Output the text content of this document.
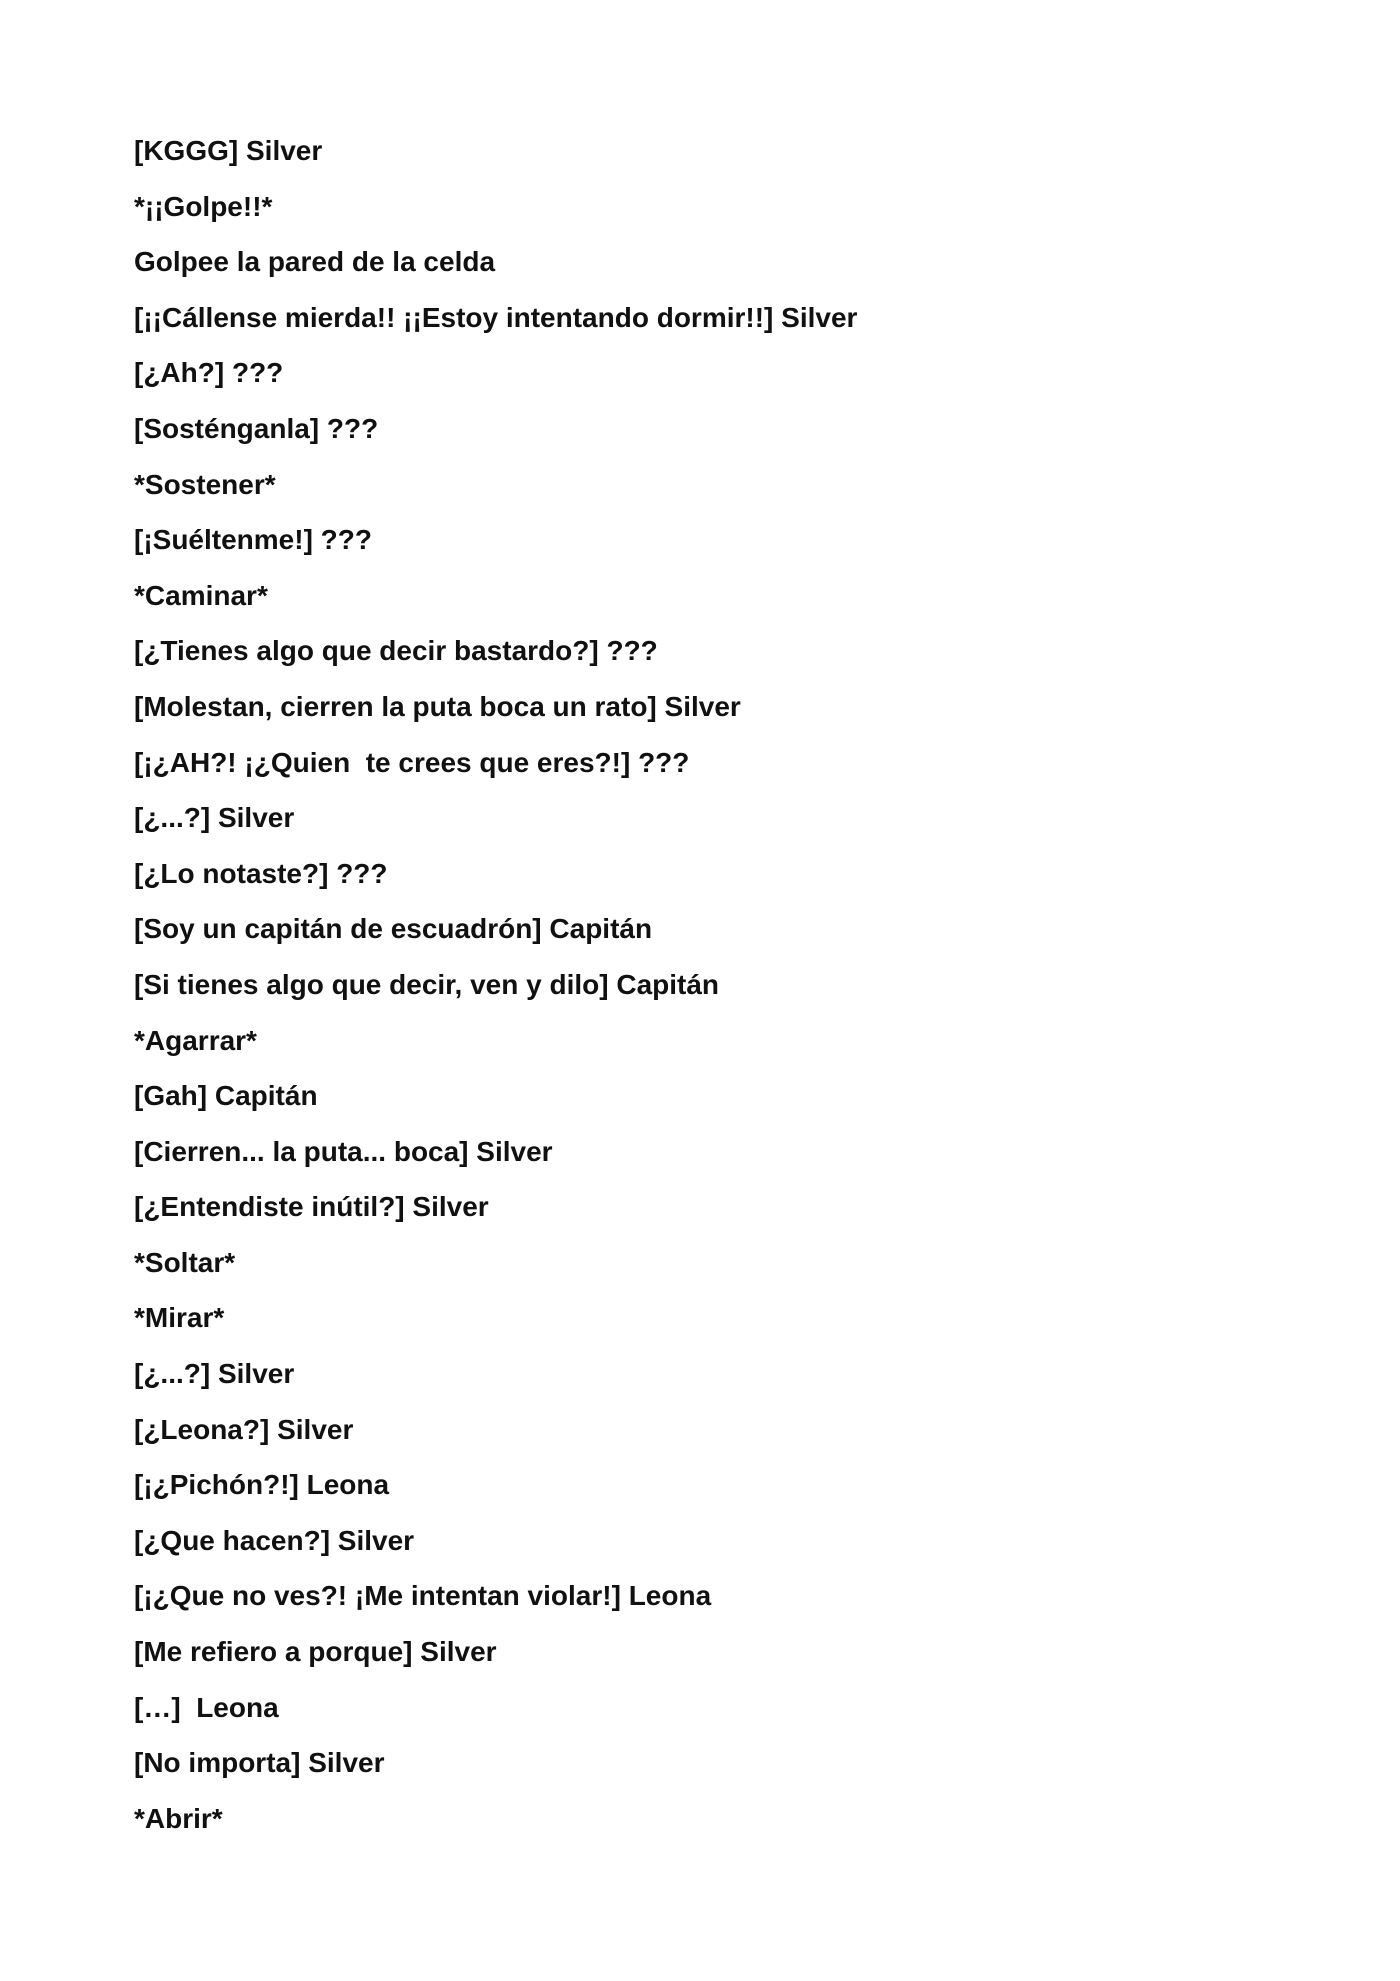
[KGGG] Silver
*¡¡Golpe!!*
Golpee la pared de la celda
[¡¡Cállense mierda!! ¡¡Estoy intentando dormir!!] Silver
[¿Ah?] ???
[Sosténganla] ???
*Sostener*
[¡Suéltenme!] ???
*Caminar*
[¿Tienes algo que decir bastardo?] ???
[Molestan, cierren la puta boca un rato] Silver
[¡¿AH?! ¡¿Quien  te crees que eres?!] ???
[¿...?] Silver
[¿Lo notaste?] ???
[Soy un capitán de escuadrón] Capitán
[Si tienes algo que decir, ven y dilo] Capitán
*Agarrar*
[Gah] Capitán
[Cierren... la puta... boca] Silver
[¿Entendiste inútil?] Silver
*Soltar*
*Mirar*
[¿...?] Silver
[¿Leona?] Silver
[¡¿Pichón?!] Leona
[¿Que hacen?] Silver
[¡¿Que no ves?! ¡Me intentan violar!] Leona
[Me refiero a porque] Silver
[…]  Leona
[No importa] Silver
*Abrir*
